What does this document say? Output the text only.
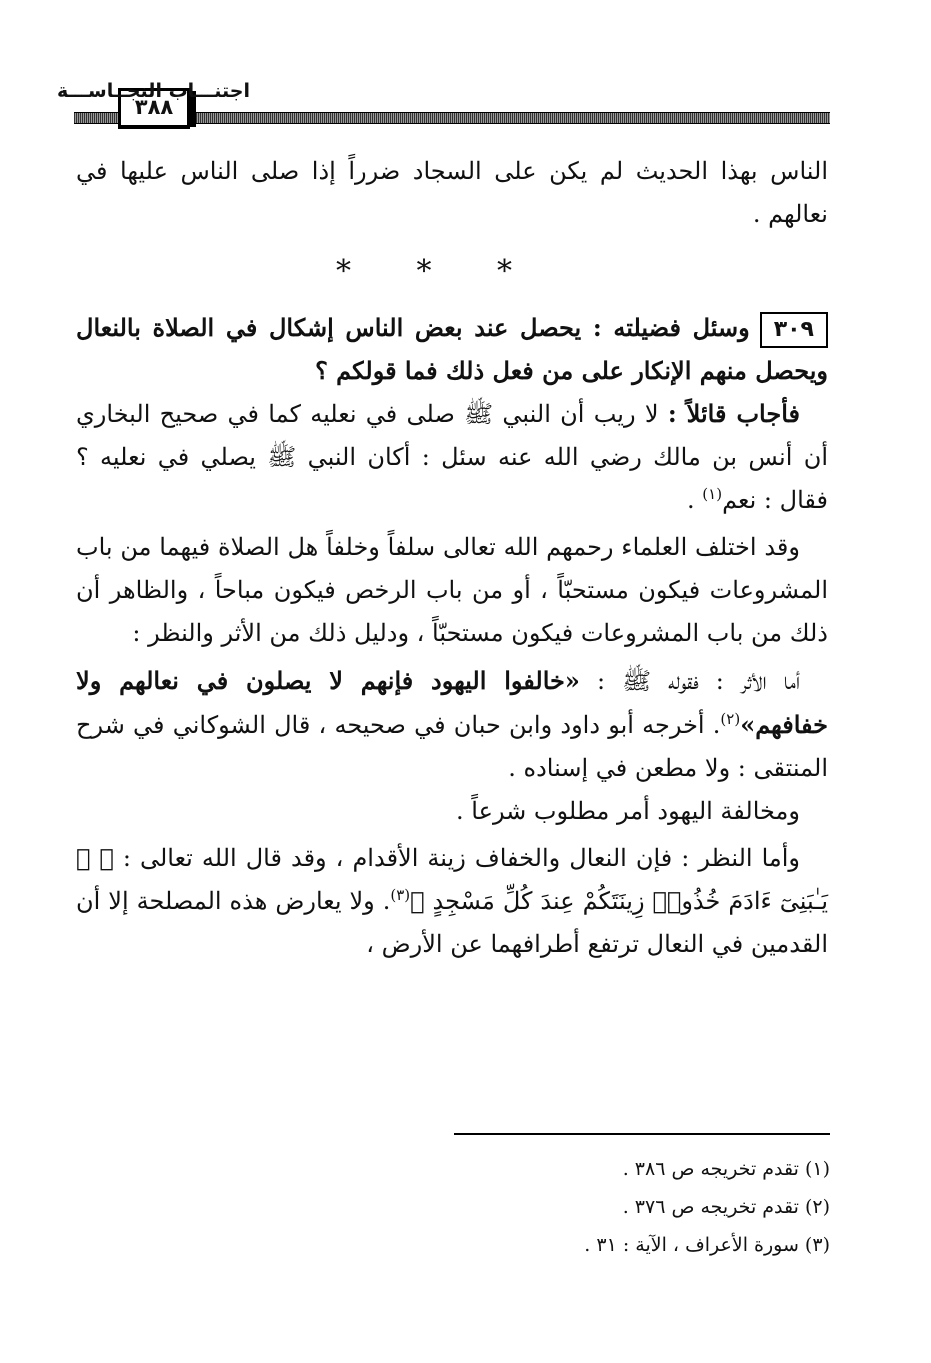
٣٨٨
اجتنـــاب النجــاســـة

الناس بهذا الحديث لم يكن على السجاد ضرراً إذا صلى الناس عليها في نعالهم .

* * *

٣٠٩وسئل فضيلته : يحصل عند بعض الناس إشكال في الصلاة بالنعال ويحصل منهم الإنكار على من فعل ذلك فما قولكم ؟

فأجاب قائلاً : لا ريب أن النبي ﷺ صلى في نعليه كما في صحيح البخاري أن أنس بن مالك رضي الله عنه سئل : أكان النبي ﷺ يصلي في نعليه ؟ فقال : نعم$^{(١)}$ .

وقد اختلف العلماء رحمهم الله تعالى سلفاً وخلفاً هل الصلاة فيهما من باب المشروعات فيكون مستحبّاً ، أو من باب الرخص فيكون مباحاً ، والظاهر أن ذلك من باب المشروعات فيكون مستحبّاً ، ودليل ذلك من الأثر والنظر :

أما الأثر : فقوله ﷺ : «خالفوا اليهود فإنهم لا يصلون في نعالهم ولا خفافهم»$^{(٢)}$. أخرجه أبو داود وابن حبان في صحيحه ، قال الشوكاني في شرح المنتقى : ولا مطعن في إسناده .

ومخالفة اليهود أمر مطلوب شرعاً .

وأما النظر : فإن النعال والخفاف زينة الأقدام ، وقد قال الله تعالى : ﴿ ۞ يَـٰبَنِىٓ ءَادَمَ خُذُوا۟ زِينَتَكُمْ عِندَ كُلِّ مَسْجِدٍ ﴾$^{(٣)}$. ولا يعارض هذه المصلحة إلا أن القدمين في النعال ترتفع أطرافهما عن الأرض ،

(١) تقدم تخريجه ص ٣٨٦ .

(٢) تقدم تخريجه ص ٣٧٦ .

(٣) سورة الأعراف ، الآية : ٣١ .
